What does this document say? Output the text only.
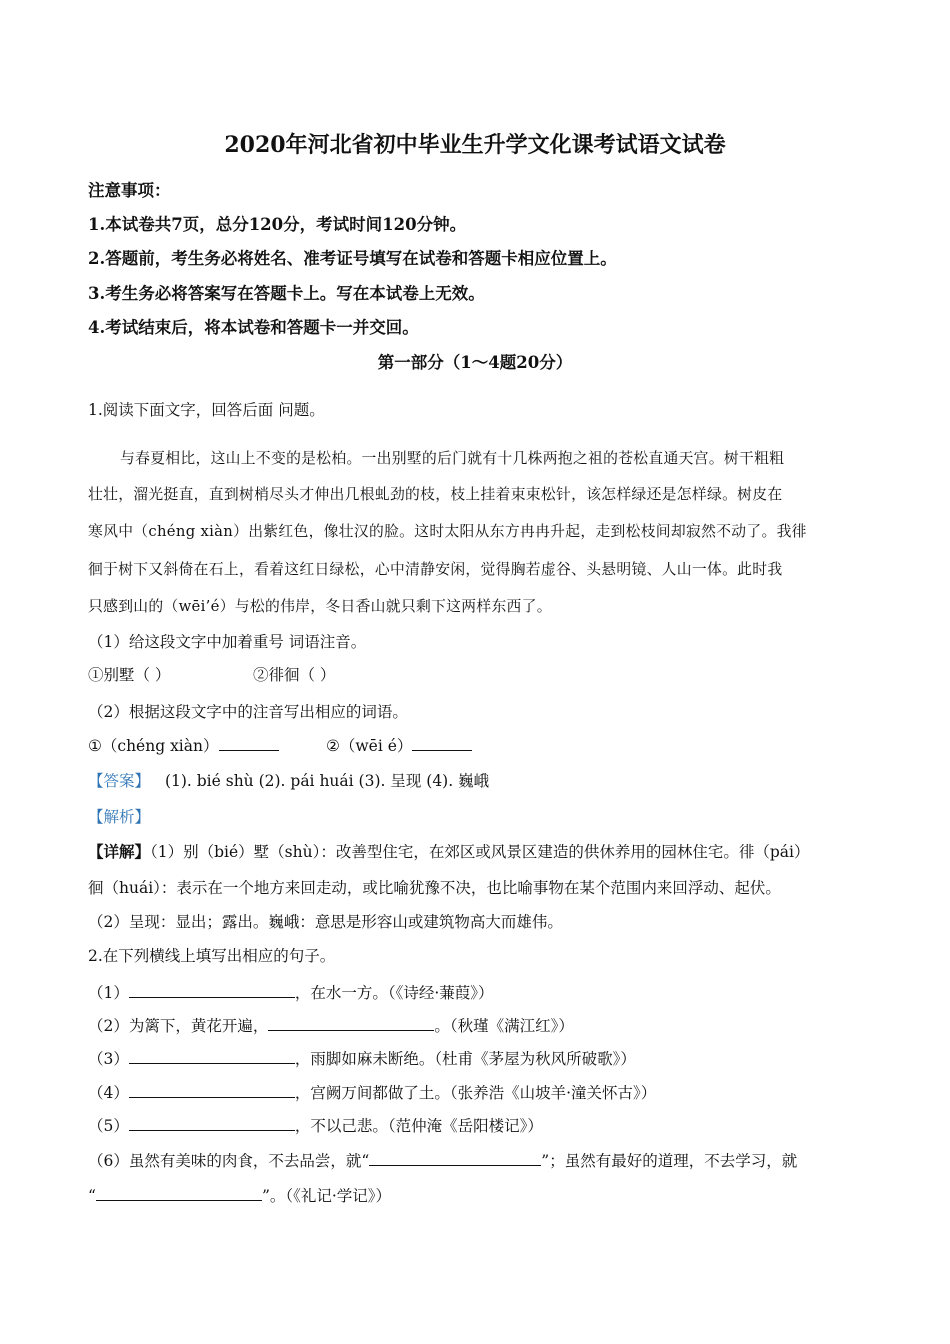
2020年河北省初中毕业生升学文化课考试语文试卷
注意事项：
1.本试卷共7页，总分120分，考试时间120分钟。
2.答题前，考生务必将姓名、准考证号填写在试卷和答题卡相应位置上。
3.考生务必将答案写在答题卡上。写在本试卷上无效。
4.考试结束后，将本试卷和答题卡一并交回。
第一部分（1～4题20分）
1.阅读下面文字，回答后面 问题。
与春夏相比，这山上不变的是松柏。一出别墅的后门就有十几株两抱之祖的苍松直通天宫。树干粗粗
壮壮，溜光挺直，直到树梢尽头才伸出几根虬劲的枝，枝上挂着束束松针，该怎样绿还是怎样绿。树皮在
寒风中（chéng xiàn）出紫红色，像壮汉的脸。这时太阳从东方冉冉升起，走到松枝间却寂然不动了。我徘
徊于树下又斜倚在石上，看着这红日绿松，心中清静安闲，觉得胸若虚谷、头悬明镜、人山一体。此时我
只感到山的（wēi’é）与松的伟岸，冬日香山就只剩下这两样东西了。
（1）给这段文字中加着重号 词语注音。
①别墅（ ）	②徘徊（ ）
（2）根据这段文字中的注音写出相应的词语。
①（chéng xiàn）	②（wēi é）
【答案】 (1). bié shù (2). pái huái (3). 呈现 (4). 巍峨
【解析】
【详解】（1）别（bié）墅（shù）：改善型住宅，在郊区或风景区建造的供休养用的园林住宅。徘（pái）
徊（huái）：表示在一个地方来回走动，或比喻犹豫不决，也比喻事物在某个范围内来回浮动、起伏。
（2）呈现：显出；露出。巍峨：意思是形容山或建筑物高大而雄伟。
2.在下列横线上填写出相应的句子。
（1）	，在水一方。（《诗经·蒹葭》）
（2）为篱下，黄花开遍，	。（秋瑾《满江红》）
（3）	，雨脚如麻未断绝。（杜甫《茅屋为秋风所破歌》）
（4）	，宫阙万间都做了土。（张养浩《山坡羊·潼关怀古》）
（5）	，不以己悲。（范仲淹《岳阳楼记》）
（6）虽然有美味的肉食，不去品尝，就“	”；虽然有最好的道理，不去学习，就
“	”。（《礼记·学记》）
